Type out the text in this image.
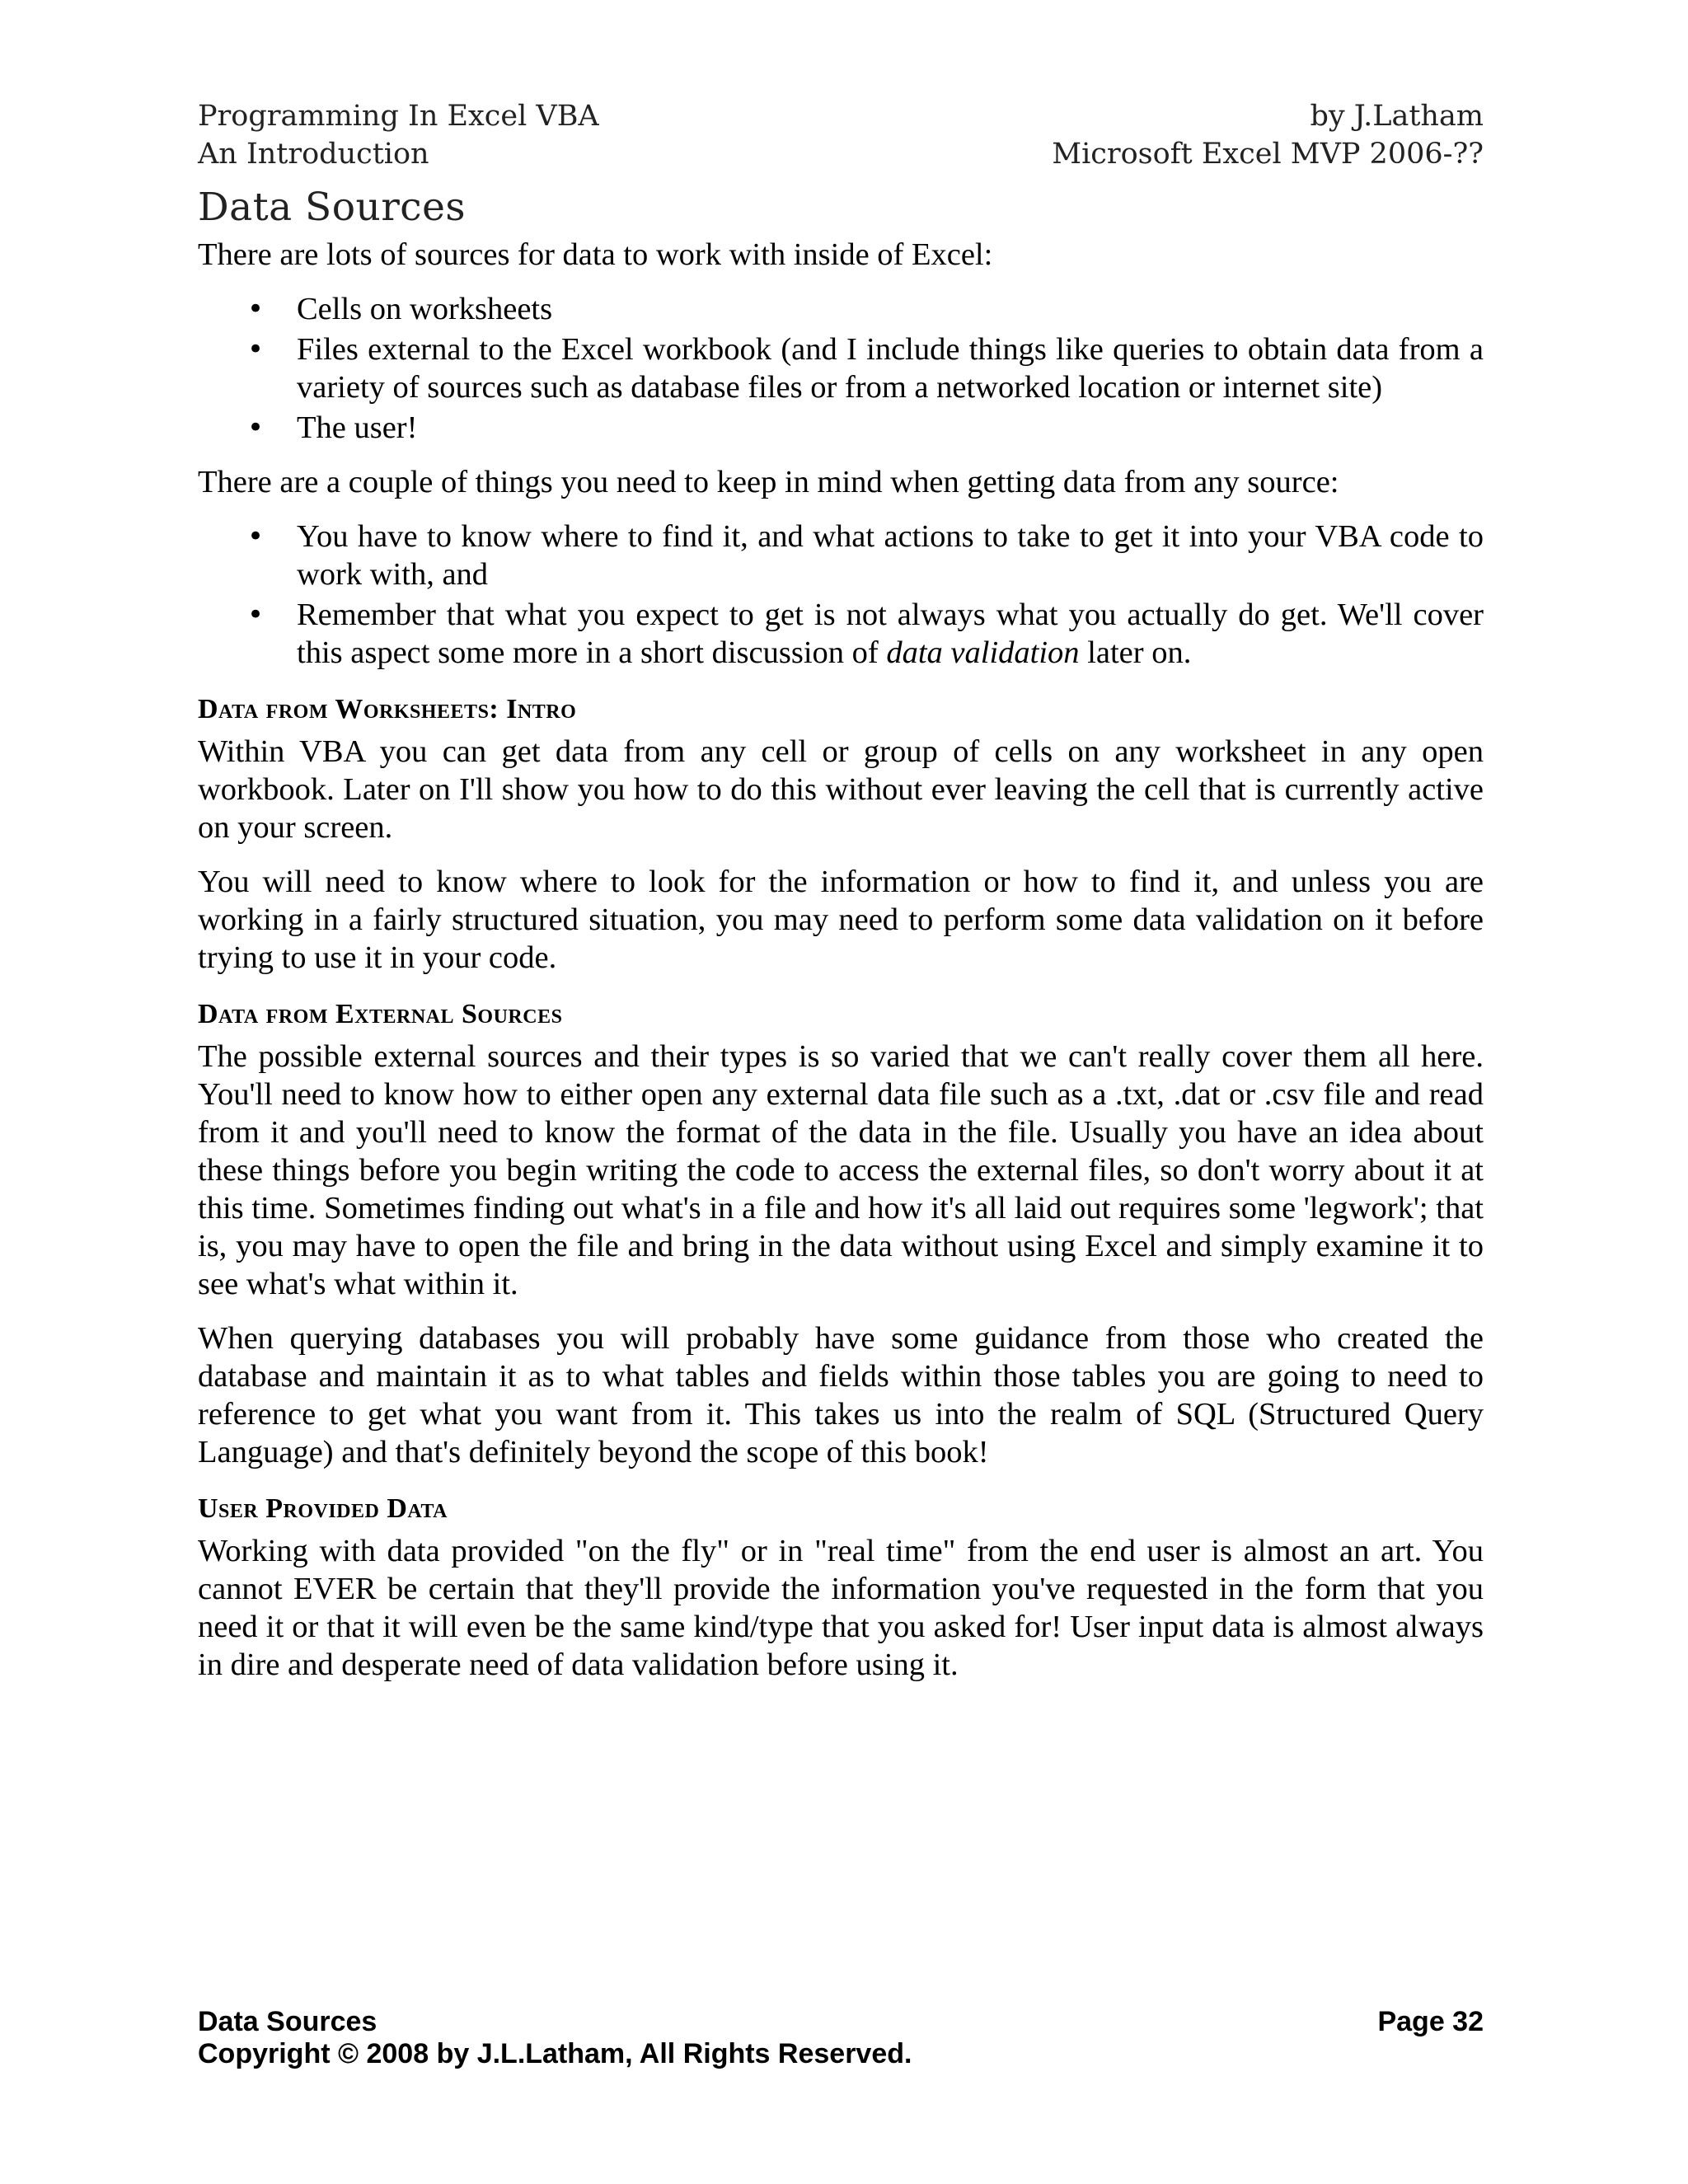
Programming In Excel VBA	by J.Latham
An Introduction	Microsoft Excel MVP 2006-??
Data Sources

There are lots of sources for data to work with inside of Excel:

• Cells on worksheets
• Files external to the Excel workbook (and I include things like queries to obtain data from a variety of sources such as database files or from a networked location or internet site)
• The user!

There are a couple of things you need to keep in mind when getting data from any source:

• You have to know where to find it, and what actions to take to get it into your VBA code to work with, and
• Remember that what you expect to get is not always what you actually do get. We'll cover this aspect some more in a short discussion of data validation later on.
Data from Worksheets: Intro

Within VBA you can get data from any cell or group of cells on any worksheet in any open workbook. Later on I'll show you how to do this without ever leaving the cell that is currently active on your screen.

You will need to know where to look for the information or how to find it, and unless you are working in a fairly structured situation, you may need to perform some data validation on it before trying to use it in your code.

Data from External Sources

The possible external sources and their types is so varied that we can't really cover them all here. You'll need to know how to either open any external data file such as a .txt, .dat or .csv file and read from it and you'll need to know the format of the data in the file. Usually you have an idea about these things before you begin writing the code to access the external files, so don't worry about it at this time. Sometimes finding out what's in a file and how it's all laid out requires some 'legwork'; that is, you may have to open the file and bring in the data without using Excel and simply examine it to see what's what within it.

When querying databases you will probably have some guidance from those who created the database and maintain it as to what tables and fields within those tables you are going to need to reference to get what you want from it. This takes us into the realm of SQL (Structured Query Language) and that's definitely beyond the scope of this book!

User Provided Data

Working with data provided "on the fly" or in "real time" from the end user is almost an art. You cannot EVER be certain that they'll provide the information you've requested in the form that you need it or that it will even be the same kind/type that you asked for! User input data is almost always in dire and desperate need of data validation before using it.

Data Sources	Page 32
Copyright © 2008 by J.L.Latham, All Rights Reserved.
